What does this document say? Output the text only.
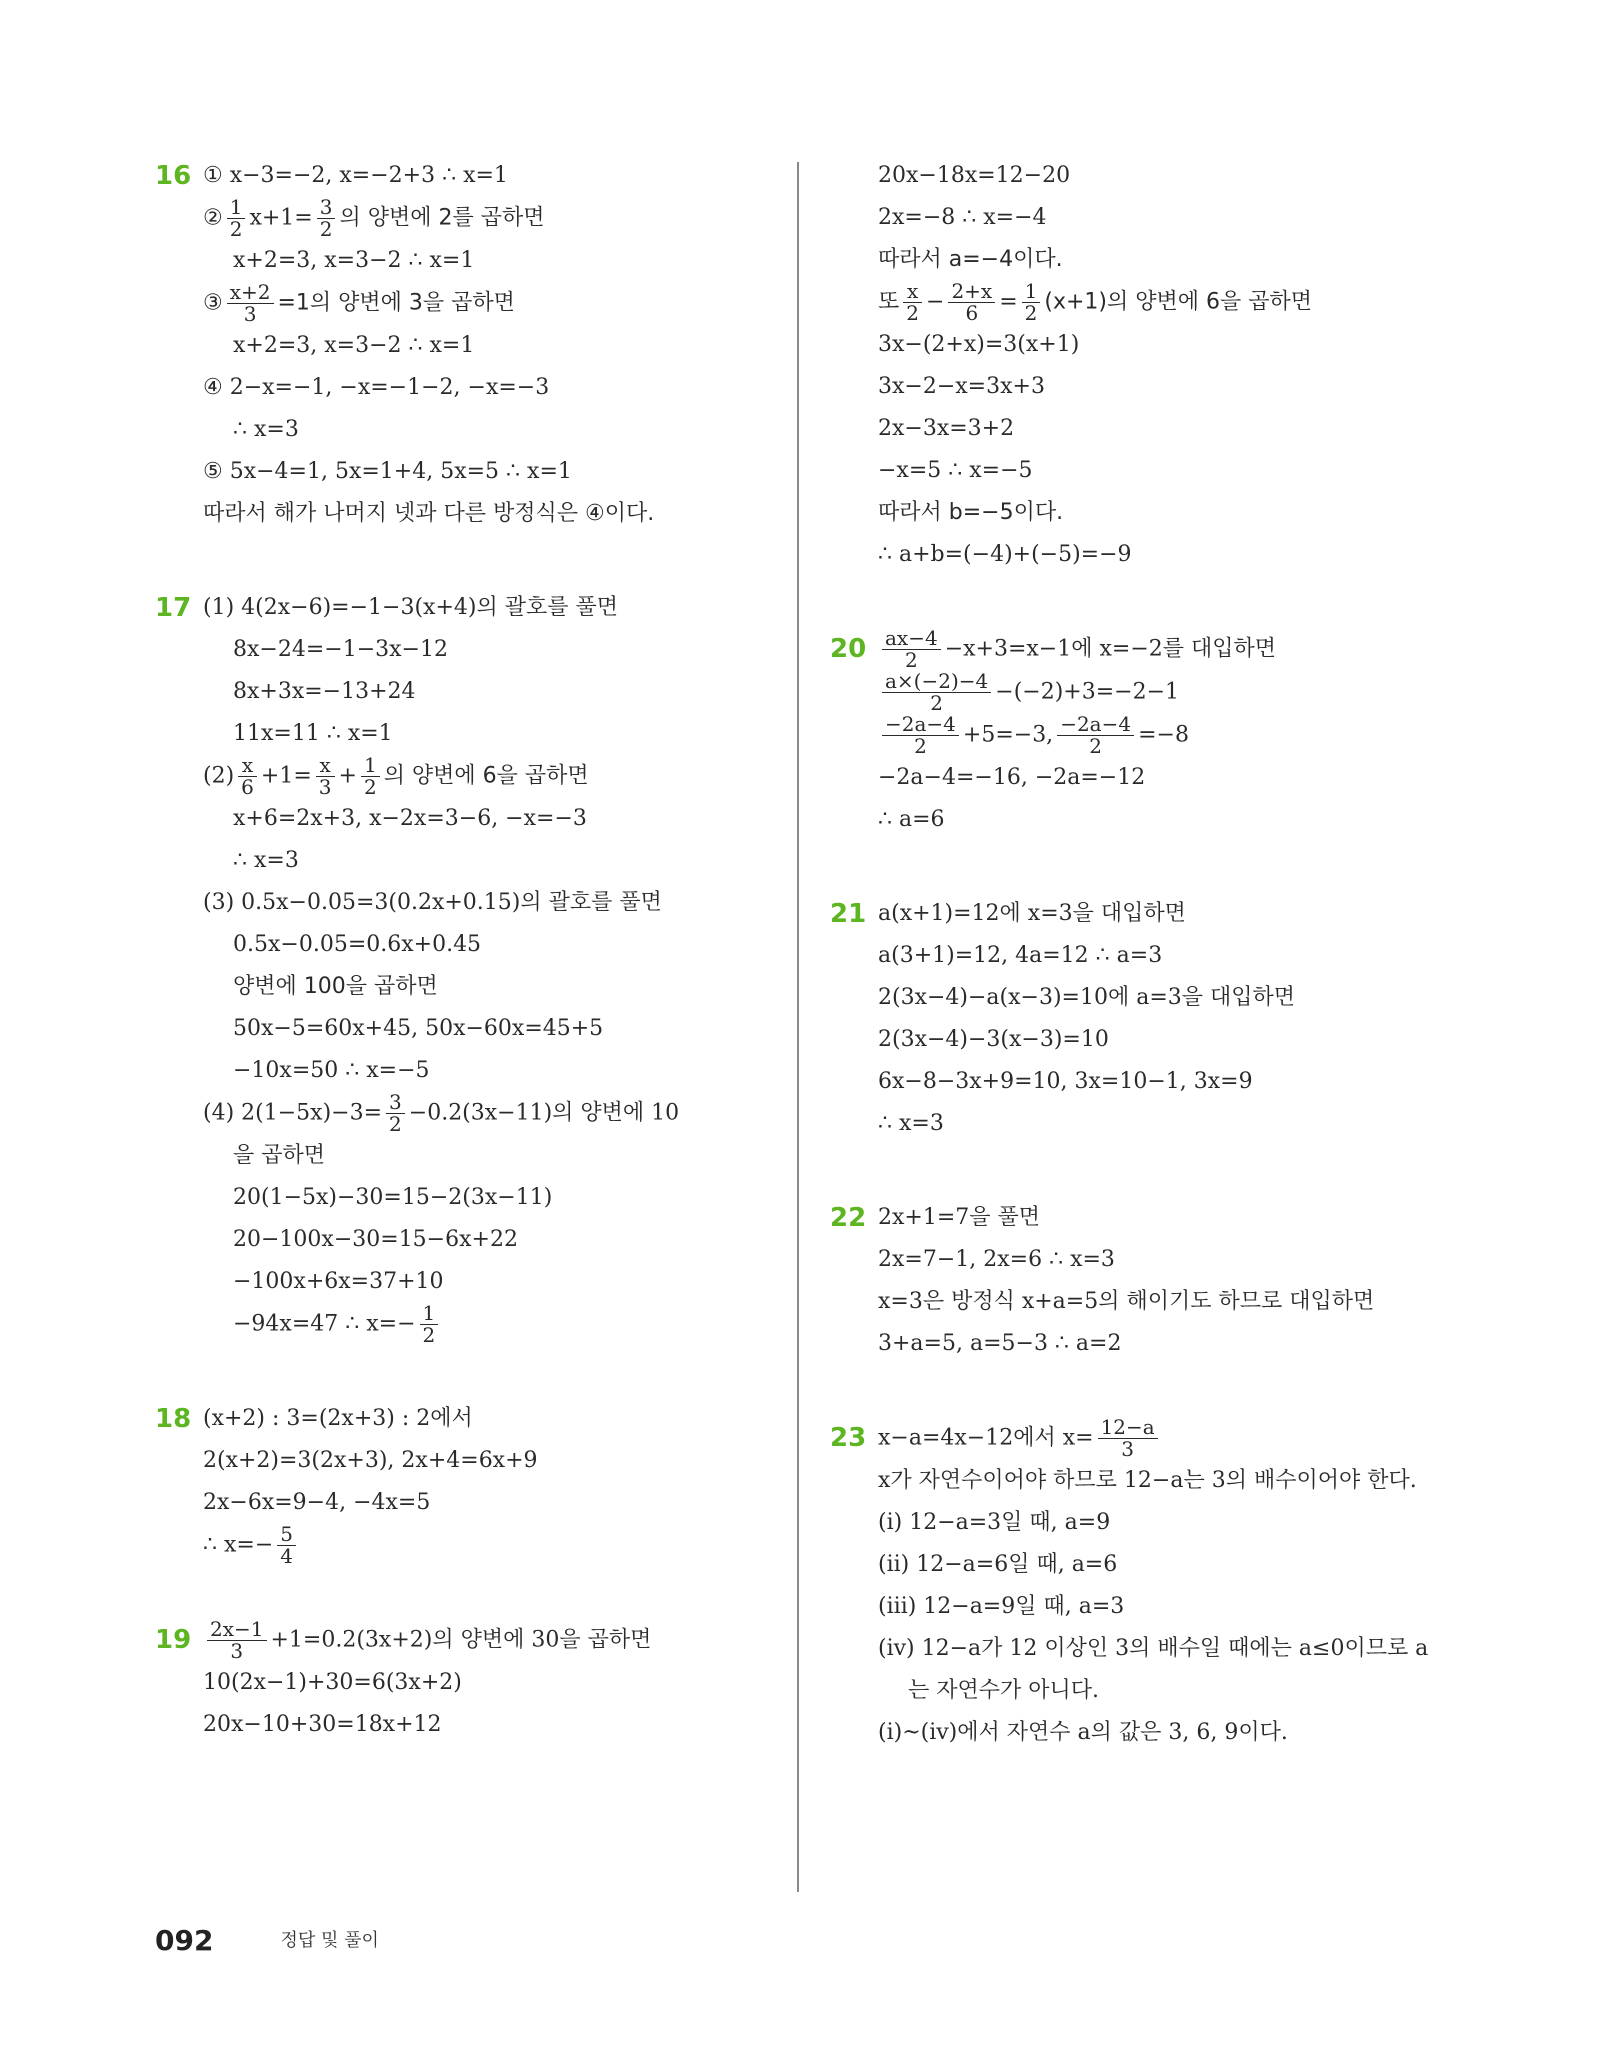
16 ① x−3=−2, x=−2+3 ∴ x=1
② $\frac{1}{2} x+1= \frac{3}{2}$ 의 양변에 2를 곱하면
x+2=3, x=3−2 ∴ x=1
③ $\frac{x+2}{3} =1$의 양변에 3을 곱하면
x+2=3, x=3−2 ∴ x=1
④ 2−x=−1, −x=−1−2, −x=−3
∴ x=3
⑤ 5x−4=1, 5x=1+4, 5x=5 ∴ x=1
따라서 해가 나머지 넷과 다른 방정식은 ④이다.
17 (1) 4(2x−6)=−1−3(x+4)의 괄호를 풀면
8x−24=−1−3x−12
8x+3x=−13+24
11x=11 ∴ x=1
$(2) \frac{x}{6} +1= \frac{x}{3} + \frac{1}{2}$ 의 양변에 6을 곱하면
x+6=2x+3, x−2x=3−6, −x=−3
∴ x=3
(3) 0.5x−0.05=3(0.2x+0.15)의 괄호를 풀면
0.5x−0.05=0.6x+0.45
양변에 100을 곱하면
50x−5=60x+45, 50x−60x=45+5
−10x=50 ∴ x=−5
(4) $2(1-5x)-3= \frac{3}{2} -0.2(3x-11)$의 양변에 10
을 곱하면
20(1−5x)−30=15−2(3x−11)
20−100x−30=15−6x+22
−100x+6x=37+10
−94x=47 ∴ $x=- \frac{1}{2}$
18 (x+2) : 3=(2x+3) : 2에서
2(x+2)=3(2x+3), 2x+4=6x+9
2x−6x=9−4, −4x=5
∴ $x=- \frac{5}{4}$
$19 \frac{2x-1}{3} +1=0.2(3x+2)$의 양변에 30을 곱하면
10(2x−1)+30=6(3x+2)
20x−10+30=18x+12
20x−18x=12−20
2x=−8 ∴ x=−4
따라서 a=−4이다.
또 $\frac{x}{2} - \frac{2+x}{6} = \frac{1}{2} (x+1)$의 양변에 6을 곱하면
3x−(2+x)=3(x+1)
3x−2−x=3x+3
2x−3x=3+2
−x=5 ∴ x=−5
따라서 b=−5이다.
∴ a+b=(−4)+(−5)=−9
$20 \frac{ax-4}{2} -x+3=x-1$에 x=−2를 대입하면
$\frac{a\times(-2)-4}{2} -(-2)+3=-2-1$
$\frac{-2a-4}{2} +5=-3$, $\frac{-2a-4}{2} =-8$
−2a−4=−16, −2a=−12
∴ a=6
21 a(x+1)=12에 x=3을 대입하면
a(3+1)=12, 4a=12 ∴ a=3
2(3x−4)−a(x−3)=10에 a=3을 대입하면
2(3x−4)−3(x−3)=10
6x−8−3x+9=10, 3x=10−1, 3x=9
∴ x=3
22 2x+1=7을 풀면
2x=7−1, 2x=6 ∴ x=3
x=3은 방정식 x+a=5의 해이기도 하므로 대입하면
3+a=5, a=5−3 ∴ a=2
23 x−a=4x−12에서 $x= \frac{12-a}{3}$
x가 자연수이어야 하므로 12−a는 3의 배수이어야 한다.
(ⅰ) 12−a=3일 때, a=9
(ⅱ) 12−a=6일 때, a=6
(ⅲ) 12−a=9일 때, a=3
(ⅳ) 12−a가 12 이상인 3의 배수일 때에는 a≤0이므로 a
는 자연수가 아니다.
(ⅰ)~(ⅳ)에서 자연수 a의 값은 3, 6, 9이다.
092	정답 및 풀이
